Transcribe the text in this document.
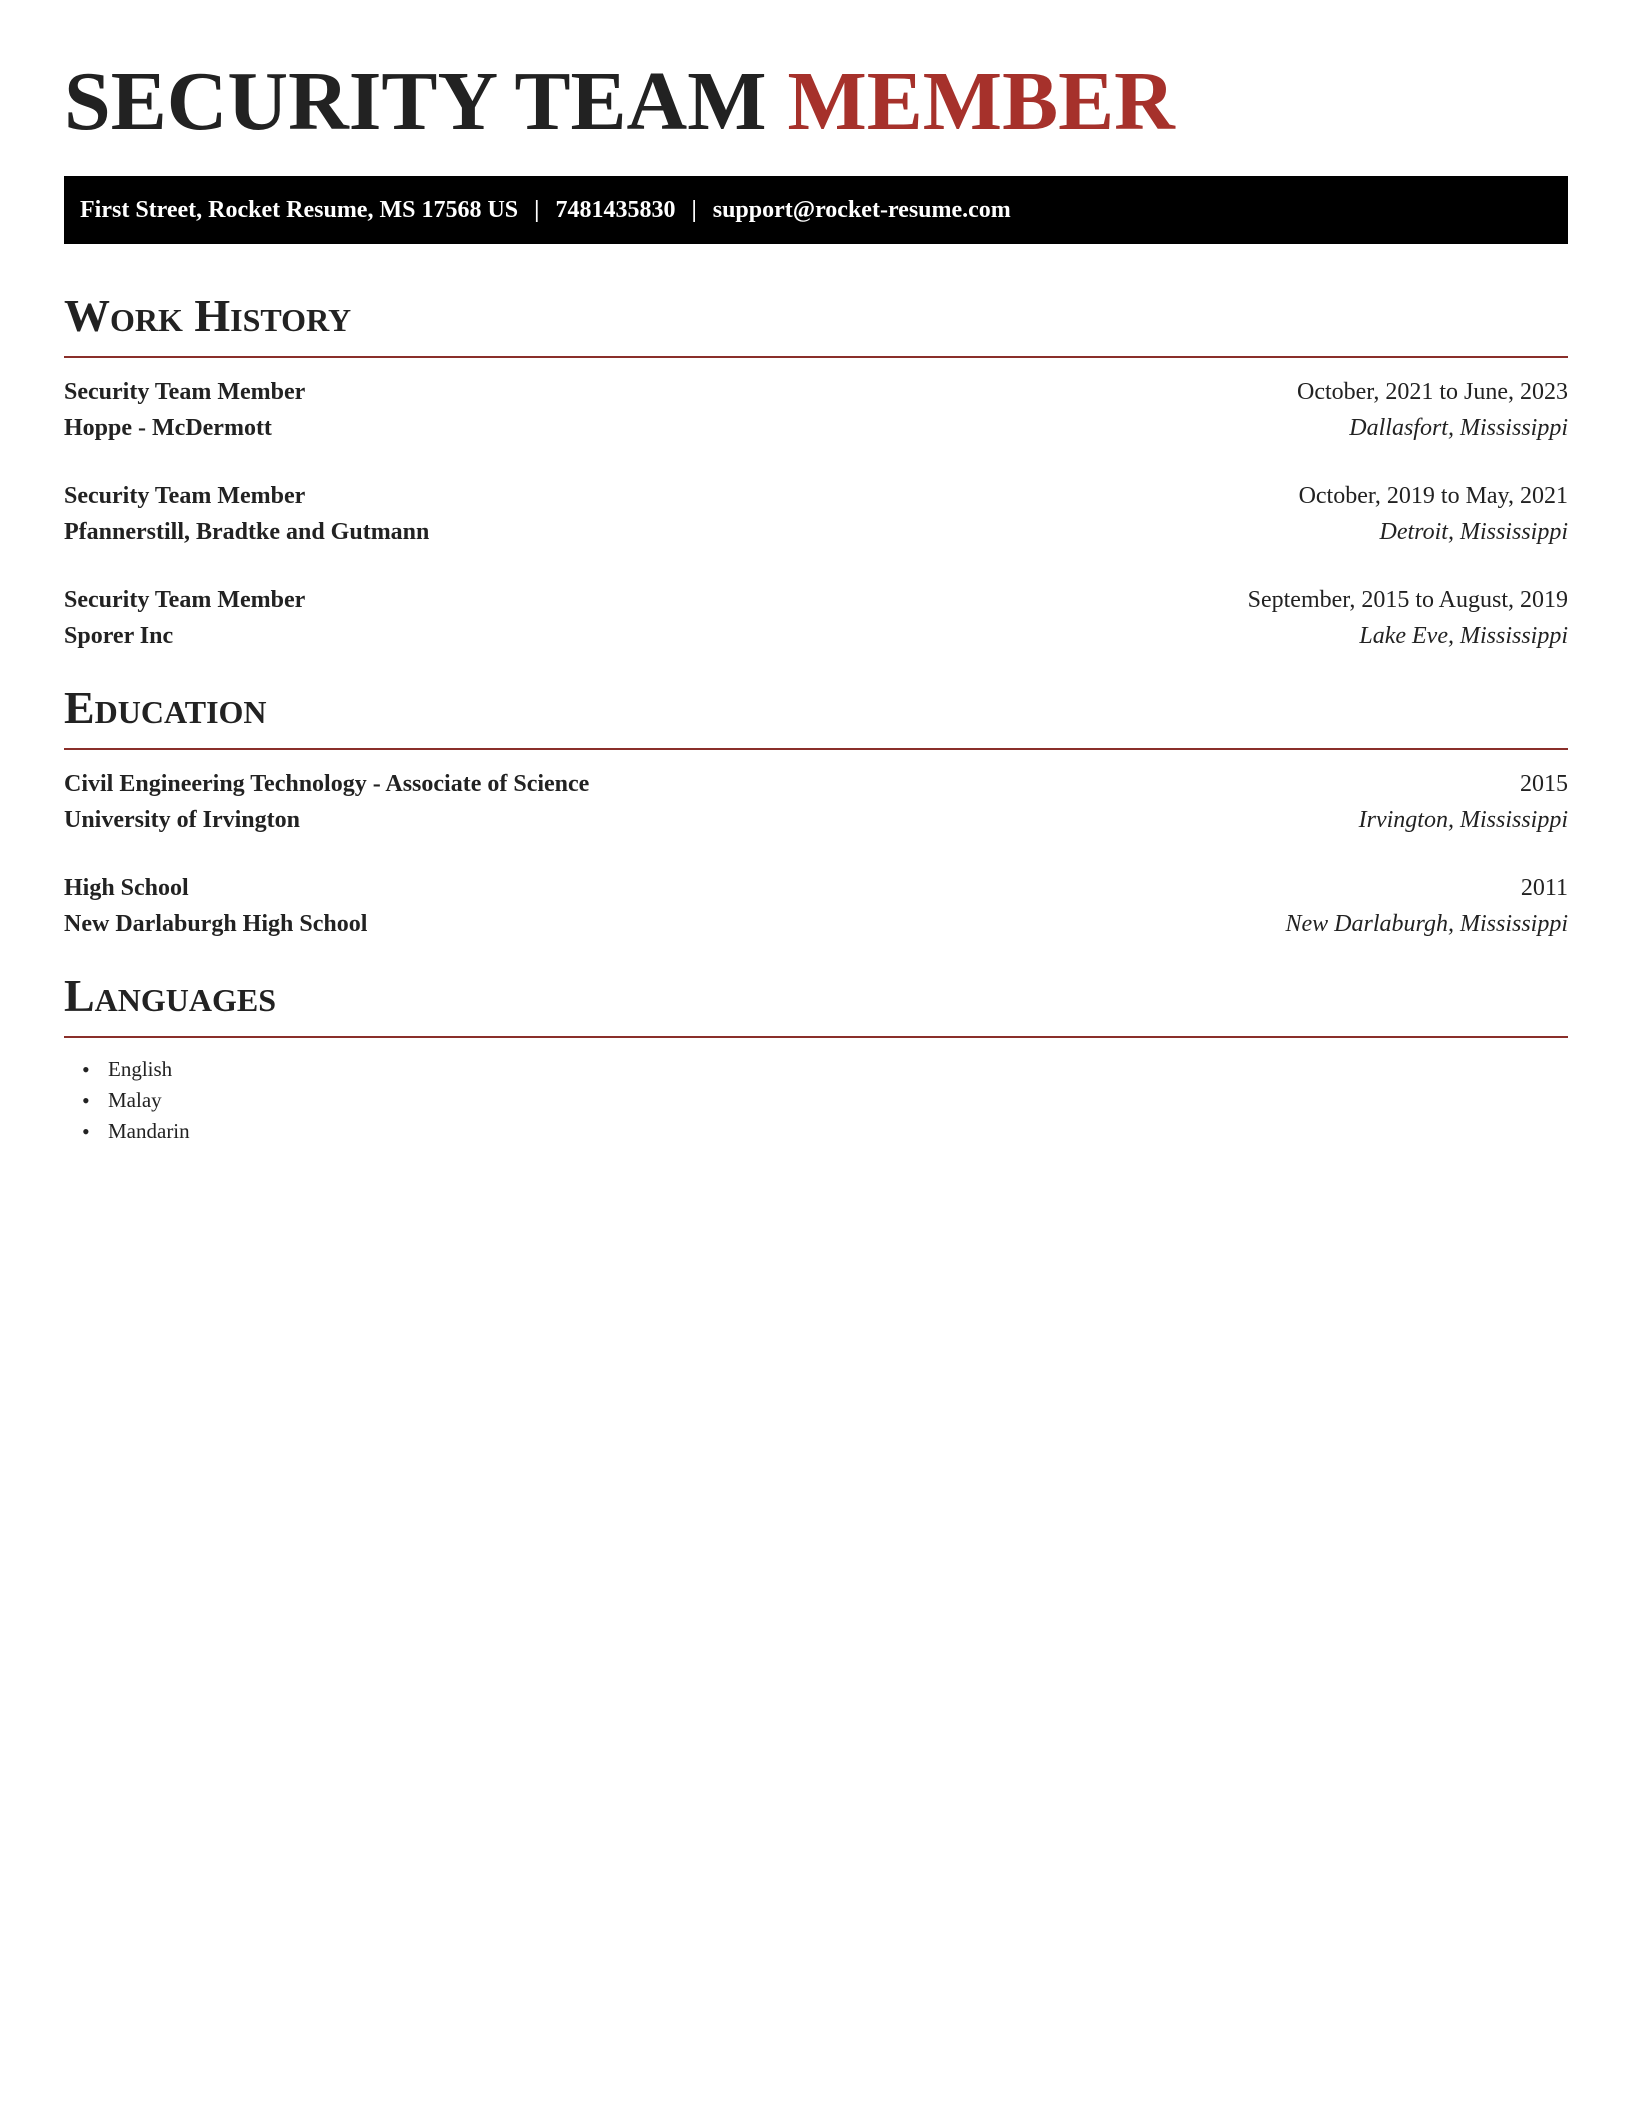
SECURITY TEAM MEMBER
First Street, Rocket Resume, MS 17568 US | 7481435830 | support@rocket-resume.com
Work History
Security Team Member	October, 2021 to June, 2023
Hoppe - McDermott	Dallasfort, Mississippi
Security Team Member	October, 2019 to May, 2021
Pfannerstill, Bradtke and Gutmann	Detroit, Mississippi
Security Team Member	September, 2015 to August, 2019
Sporer Inc	Lake Eve, Mississippi
Education
Civil Engineering Technology - Associate of Science	2015
University of Irvington	Irvington, Mississippi
High School	2011
New Darlaburgh High School	New Darlaburgh, Mississippi
Languages
• English
• Malay
• Mandarin
